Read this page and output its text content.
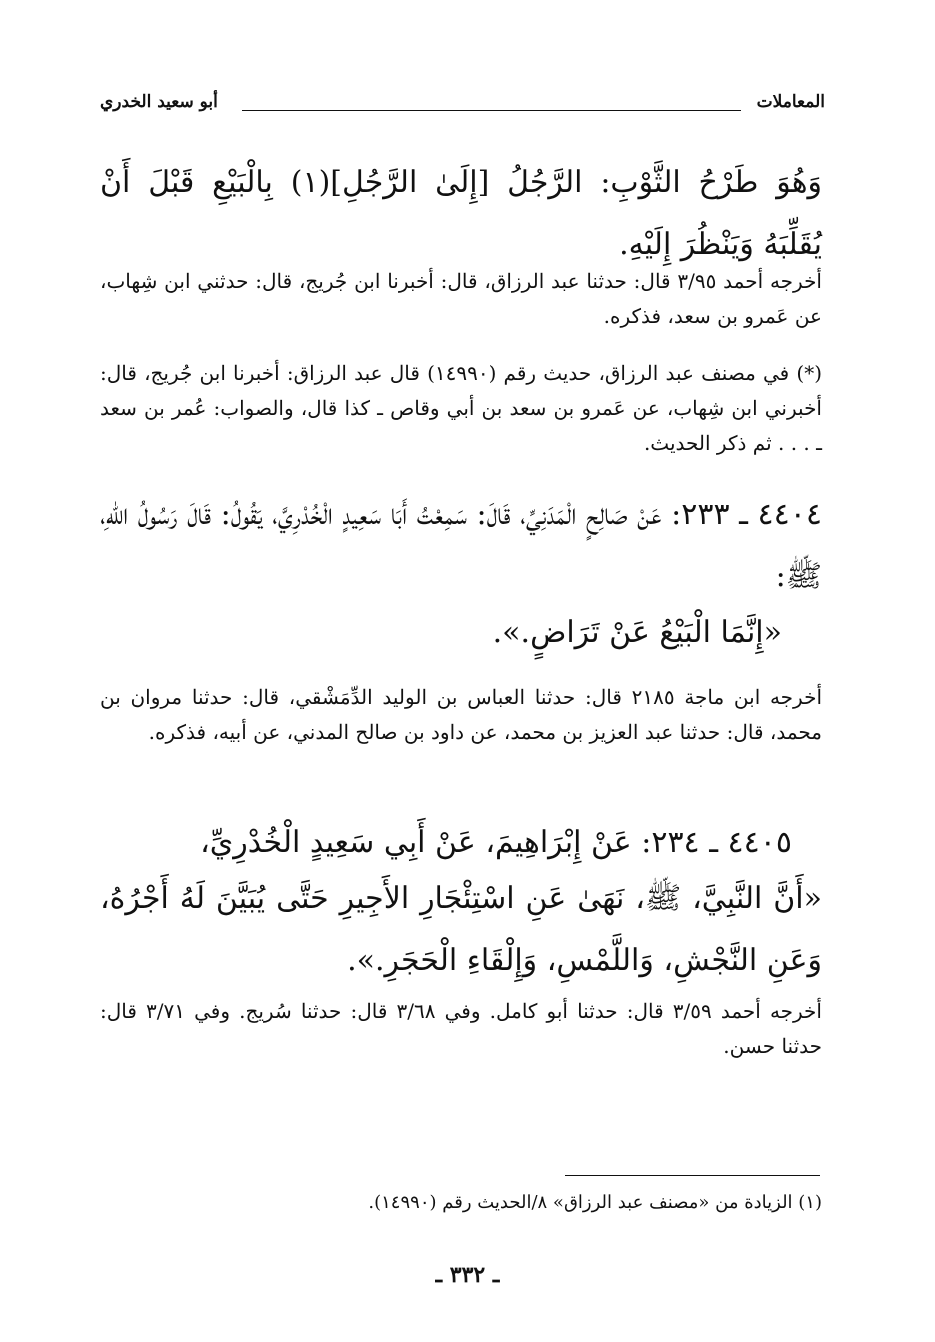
المعاملات
أبو سعيد الخدري
وَهُوَ طَرْحُ الثَّوْبِ: الرَّجُلُ [إِلَىٰ الرَّجُلِ](١) بِالْبَيْعِ قَبْلَ أَنْ يُقَلِّبَهُ وَيَنْظُرَ إِلَيْهِ.
أخرجه أحمد ٣/٩٥ قال: حدثنا عبد الرزاق، قال: أخبرنا ابن جُريج، قال: حدثني ابن شِهاب، عن عَمرو بن سعد، فذكره.
(*) في مصنف عبد الرزاق، حديث رقم (١٤٩٩٠) قال عبد الرزاق: أخبرنا ابن جُريج، قال: أخبرني ابن شِهاب، عن عَمرو بن سعد بن أبي وقاص ـ كذا قال، والصواب: عُمر بن سعد ـ . . . ثم ذكر الحديث.
٤٤٠٤ ـ ٢٣٣: عَنْ صَالِحٍ الْمَدَنِيِّ، قَالَ: سَمِعْتُ أَبَا سَعِيدٍ الْخُدْرِيَّ، يَقُولُ: قَالَ رَسُولُ اللّهِ، ﷺ:
«إِنَّمَا الْبَيْعُ عَنْ تَرَاضٍ.».
أخرجه ابن ماجة ٢١٨٥ قال: حدثنا العباس بن الوليد الدِّمَشْقي، قال: حدثنا مروان بن محمد، قال: حدثنا عبد العزيز بن محمد، عن داود بن صالح المدني، عن أبيه، فذكره.
٤٤٠٥ ـ ٢٣٤: عَنْ إِبْرَاهِيمَ، عَنْ أَبِي سَعِيدٍ الْخُدْرِيِّ،
«أَنَّ النَّبِيَّ، ﷺ، نَهَىٰ عَنِ اسْتِئْجَارِ الأَجِيرِ حَتَّى يُبَيَّنَ لَهُ أَجْرُهُ، وَعَنِ النَّجْشِ، وَاللَّمْسِ، وَإِلْقَاءِ الْحَجَرِ.».
أخرجه أحمد ٣/٥٩ قال: حدثنا أبو كامل. وفي ٣/٦٨ قال: حدثنا سُريج. وفي ٣/٧١ قال: حدثنا حسن.
(١) الزيادة من «مصنف عبد الرزاق» ٨/الحديث رقم (١٤٩٩٠).
ـ ٣٣٢ ـ
